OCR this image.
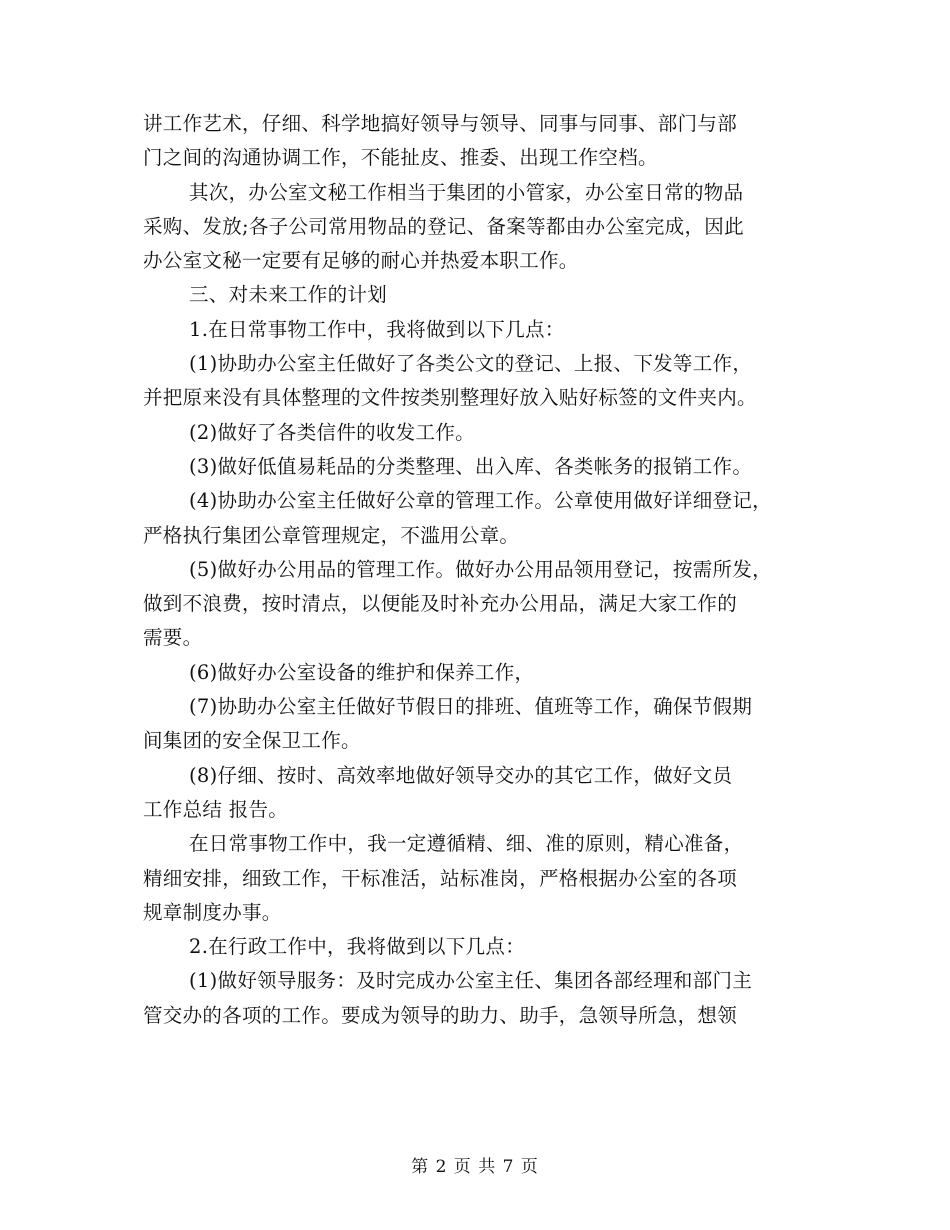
讲工作艺术，仔细、科学地搞好领导与领导、同事与同事、部门与部
门之间的沟通协调工作，不能扯皮、推委、出现工作空档。
其次，办公室文秘工作相当于集团的小管家，办公室日常的物品
采购、发放;各子公司常用物品的登记、备案等都由办公室完成，因此
办公室文秘一定要有足够的耐心并热爱本职工作。
三、对未来工作的计划
1.在日常事物工作中，我将做到以下几点：
(1)协助办公室主任做好了各类公文的登记、上报、下发等工作，
并把原来没有具体整理的文件按类别整理好放入贴好标签的文件夹内。
(2)做好了各类信件的收发工作。
(3)做好低值易耗品的分类整理、出入库、各类帐务的报销工作。
(4)协助办公室主任做好公章的管理工作。公章使用做好详细登记，
严格执行集团公章管理规定，不滥用公章。
(5)做好办公用品的管理工作。做好办公用品领用登记，按需所发，
做到不浪费，按时清点，以便能及时补充办公用品，满足大家工作的
需要。
(6)做好办公室设备的维护和保养工作，
(7)协助办公室主任做好节假日的排班、值班等工作，确保节假期
间集团的安全保卫工作。
(8)仔细、按时、高效率地做好领导交办的其它工作，做好文员
工作总结 报告。
在日常事物工作中，我一定遵循精、细、准的原则，精心准备，
精细安排，细致工作，干标准活，站标准岗，严格根据办公室的各项
规章制度办事。
2.在行政工作中，我将做到以下几点：
(1)做好领导服务：及时完成办公室主任、集团各部经理和部门主
管交办的各项的工作。要成为领导的助力、助手，急领导所急，想领
第 2 页 共 7 页
